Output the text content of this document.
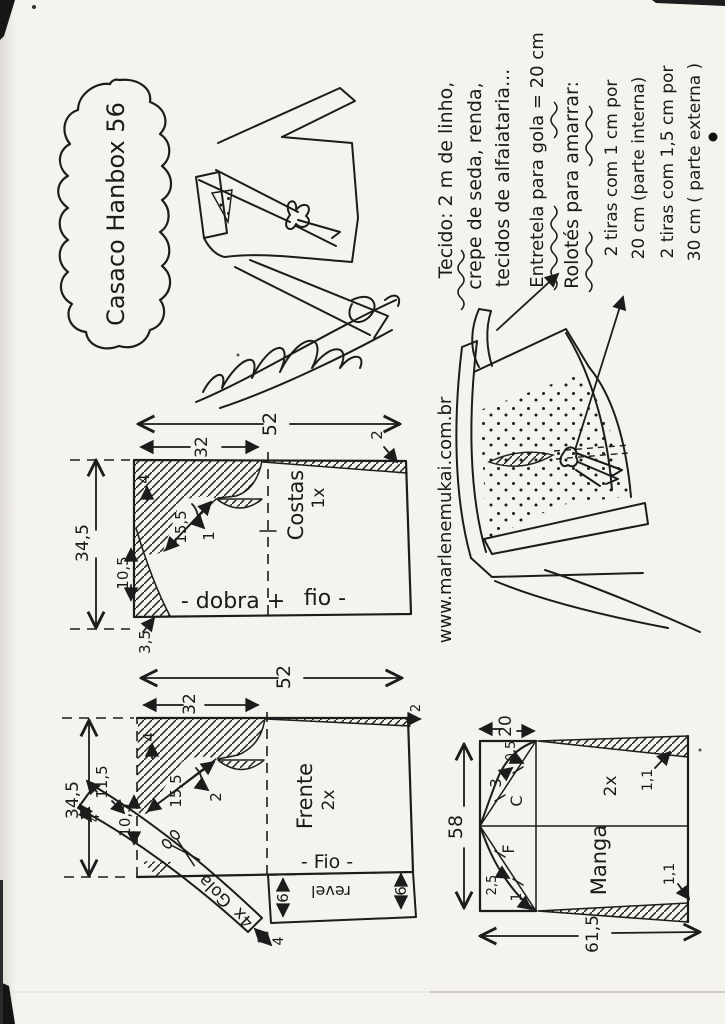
Casaco Hanbox 56	Tecido: 2 m de linho, crepe de seda, renda, tecidos de alfaiataria... Entretela para gola = 20 cm Rolotés para amarrar: 2 tiras com 1 cm por 20 cm (parte interna) 2 tiras com 1,5 cm por 30 cm ( parte externa )
www.marlenemukai.com.br
52
32
2
4
15,5 1
10,5
3,5
34,5
Costas 1x
- dobra + fio -
52
32	2
4
15,5 2
10,5
11,5
34,5 4
4
Gola
4x
6
6
- Fio -
revel
Frente 2x
20
0,5
3
C
F
2,5
1
58
1,1
1,1
2x
Manga
61,5
